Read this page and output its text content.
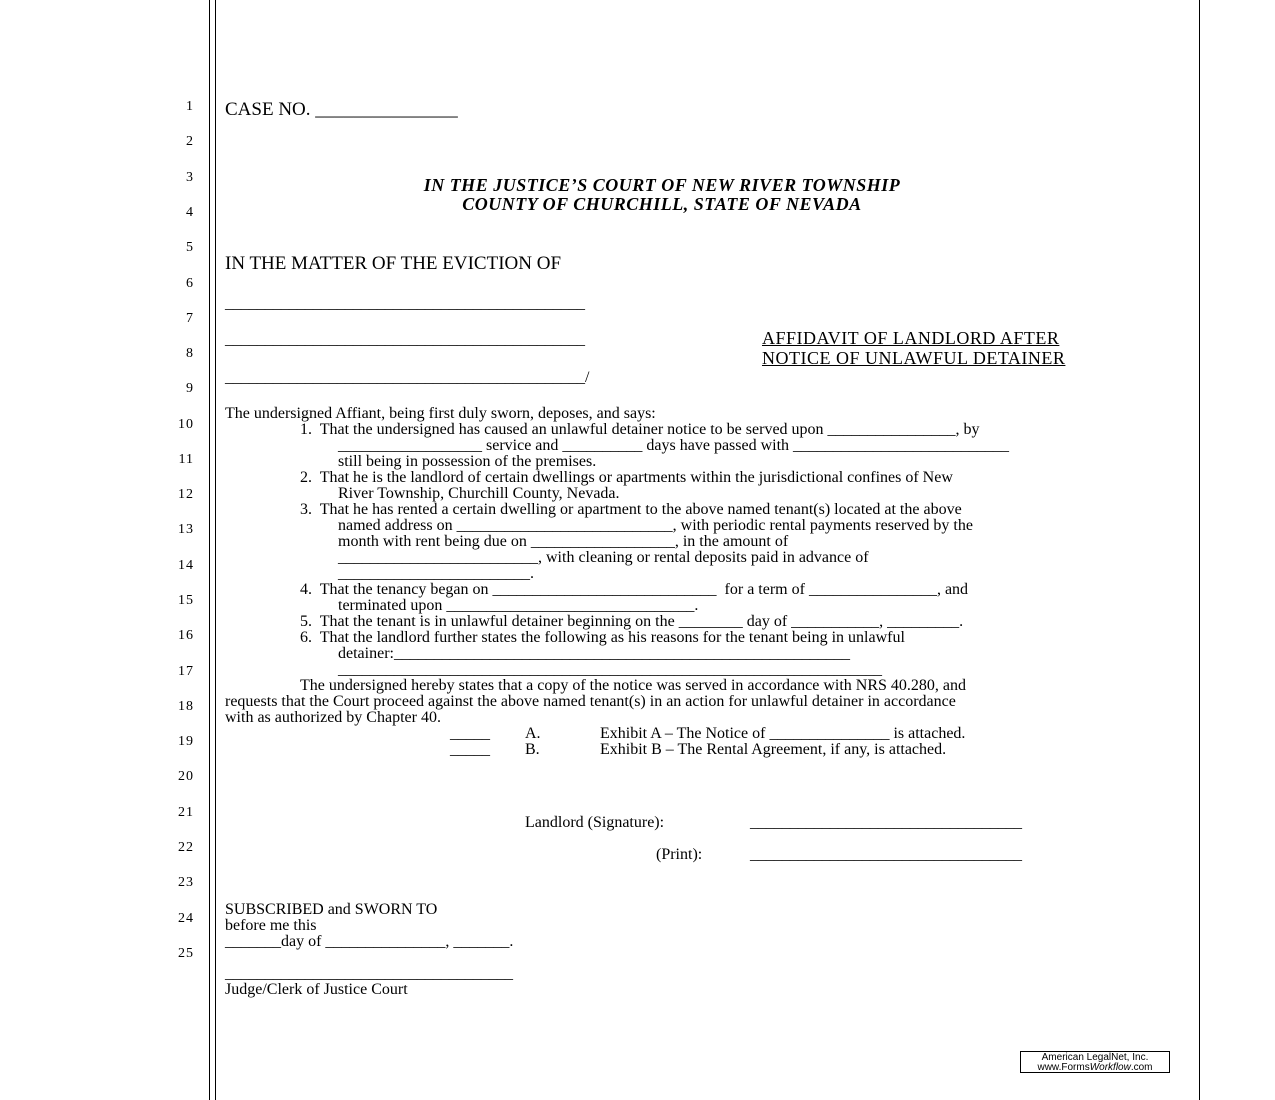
1
2
3
4
5
6
7
8
9
10
11
12
13
14
15
16
17
18
19
20
21
22
23
24
25
CASE NO. _______________
IN THE JUSTICE’S COURT OF NEW RIVER TOWNSHIP
COUNTY OF CHURCHILL, STATE OF NEVADA
IN THE MATTER OF THE EVICTION OF
_____________________________________________
_____________________________________________
_____________________________________________/
AFFIDAVIT OF LANDLORD AFTER
NOTICE OF UNLAWFUL DETAINER
The undersigned Affiant, being first duly sworn, deposes, and says:
1.  That the undersigned has caused an unlawful detainer notice to be served upon ________________, by
__________________ service and __________ days have passed with ___________________________
still being in possession of the premises.
2.  That he is the landlord of certain dwellings or apartments within the jurisdictional confines of New
River Township, Churchill County, Nevada.
3.  That he has rented a certain dwelling or apartment to the above named tenant(s) located at the above
named address on ___________________________, with periodic rental payments reserved by the
month with rent being due on __________________, in the amount of
_________________________, with cleaning or rental deposits paid in advance of
________________________.
4.  That the tenancy began on ____________________________  for a term of ________________, and
terminated upon _______________________________.
5.  That the tenant is in unlawful detainer beginning on the ________ day of ___________, _________.
6.  That the landlord further states the following as his reasons for the tenant being in unlawful
detainer:_________________________________________________________
____________________________________________________________________
The undersigned hereby states that a copy of the notice was served in accordance with NRS 40.280, and
requests that the Court proceed against the above named tenant(s) in an action for unlawful detainer in accordance
with as authorized by Chapter 40.
_____ A.	Exhibit A – The Notice of _______________ is attached.
_____ B.	Exhibit B – The Rental Agreement, if any, is attached.
Landlord (Signature):	__________________________________
(Print):	__________________________________
SUBSCRIBED and SWORN TO
before me this
_______day of _______________, _______.
____________________________________
Judge/Clerk of Justice Court
American LegalNet, Inc.
www.FormsWorkflow.com
